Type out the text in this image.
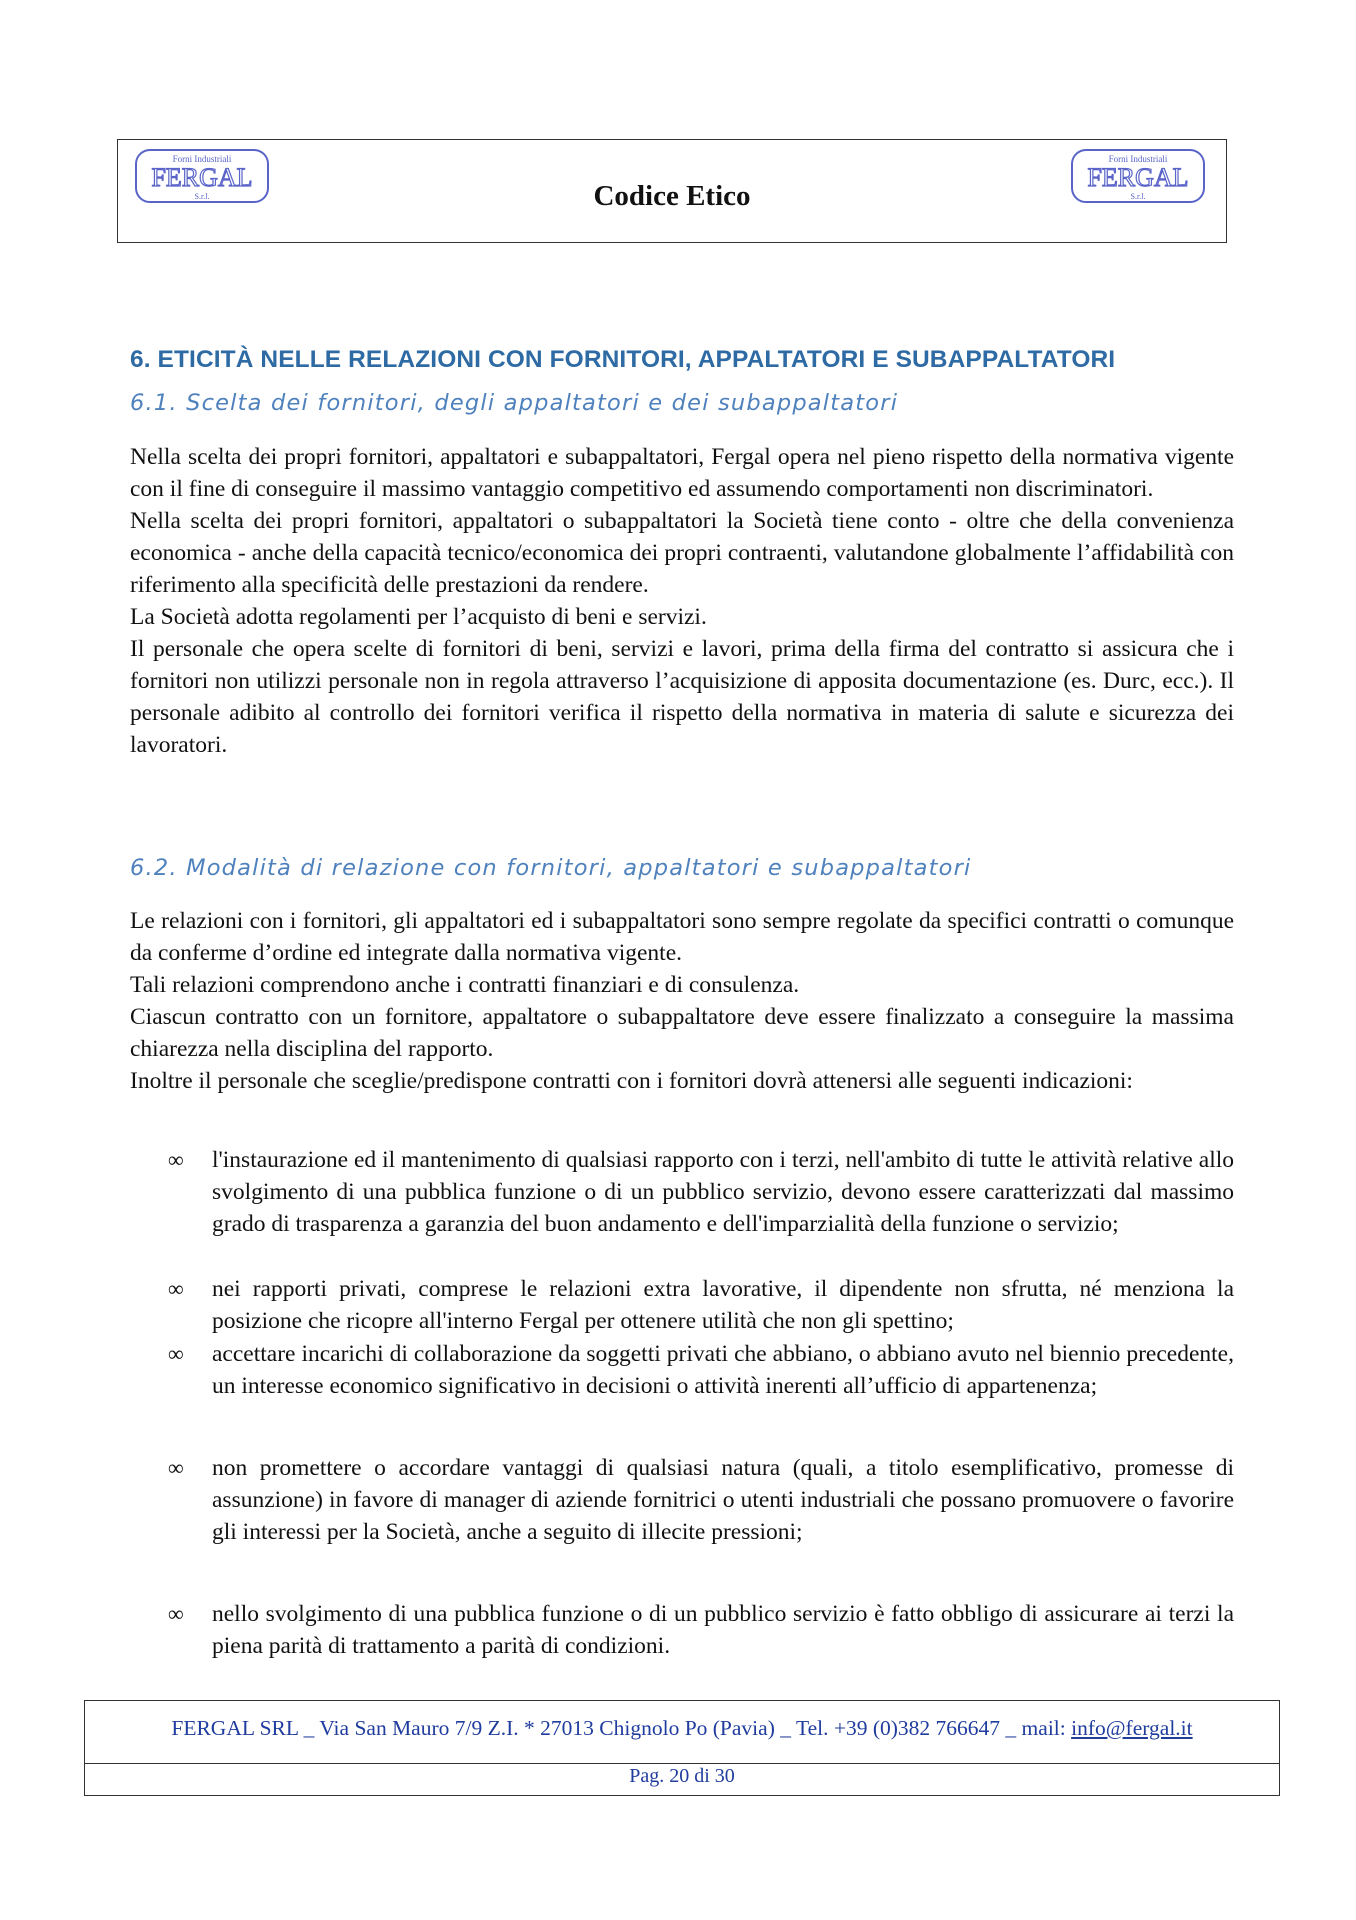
Forni Industriali
FERGAL
S.r.l.	Codice Etico
Forni Industriali
FERGAL
S.r.l.
6. ETICITÀ NELLE RELAZIONI CON FORNITORI, APPALTATORI E SUBAPPALTATORI
6.1. Scelta dei fornitori, degli appaltatori e dei subappaltatori

Nella scelta dei propri fornitori, appaltatori e subappaltatori, Fergal opera nel pieno rispetto della normativa vigente con il fine di conseguire il massimo vantaggio competitivo ed assumendo comportamenti non discriminatori.

Nella scelta dei propri fornitori, appaltatori o subappaltatori la Società tiene conto - oltre che della convenienza economica - anche della capacità tecnico/economica dei propri contraenti, valutandone globalmente l’affidabilità con riferimento alla specificità delle prestazioni da rendere.

La Società adotta regolamenti per l’acquisto di beni e servizi.

Il personale che opera scelte di fornitori di beni, servizi e lavori, prima della firma del contratto si assicura che i fornitori non utilizzi personale non in regola attraverso l’acquisizione di apposita documentazione (es. Durc, ecc.). Il personale adibito al controllo dei fornitori verifica il rispetto della normativa in materia di salute e sicurezza dei lavoratori.

6.2. Modalità di relazione con fornitori, appaltatori e subappaltatori

Le relazioni con i fornitori, gli appaltatori ed i subappaltatori sono sempre regolate da specifici contratti o comunque da conferme d’ordine ed integrate dalla normativa vigente.

Tali relazioni comprendono anche i contratti finanziari e di consulenza.

Ciascun contratto con un fornitore, appaltatore o subappaltatore deve essere finalizzato a conseguire la massima chiarezza nella disciplina del rapporto.

Inoltre il personale che sceglie/predispone contratti con i fornitori dovrà attenersi alle seguenti indicazioni:

∞ l'instaurazione ed il mantenimento di qualsiasi rapporto con i terzi, nell'ambito di tutte le attività relative allo svolgimento di una pubblica funzione o di un pubblico servizio, devono essere caratterizzati dal massimo grado di trasparenza a garanzia del buon andamento e dell'imparzialità della funzione o servizio;
∞ nei rapporti privati, comprese le relazioni extra lavorative, il dipendente non sfrutta, né menziona la posizione che ricopre all'interno Fergal per ottenere utilità che non gli spettino;
∞ accettare incarichi di collaborazione da soggetti privati che abbiano, o abbiano avuto nel biennio precedente, un interesse economico significativo in decisioni o attività inerenti all’ufficio di appartenenza;
∞ non promettere o accordare vantaggi di qualsiasi natura (quali, a titolo esemplificativo, promesse di assunzione) in favore di manager di aziende fornitrici o utenti industriali che possano promuovere o favorire gli interessi per la Società, anche a seguito di illecite pressioni;
∞ nello svolgimento di una pubblica funzione o di un pubblico servizio è fatto obbligo di assicurare ai terzi la piena parità di trattamento a parità di condizioni.
FERGAL SRL _ Via San Mauro 7/9 Z.I. * 27013 Chignolo Po (Pavia) _ Tel. +39 (0)382 766647 _ mail: info@fergal.it
Pag. 20 di 30
